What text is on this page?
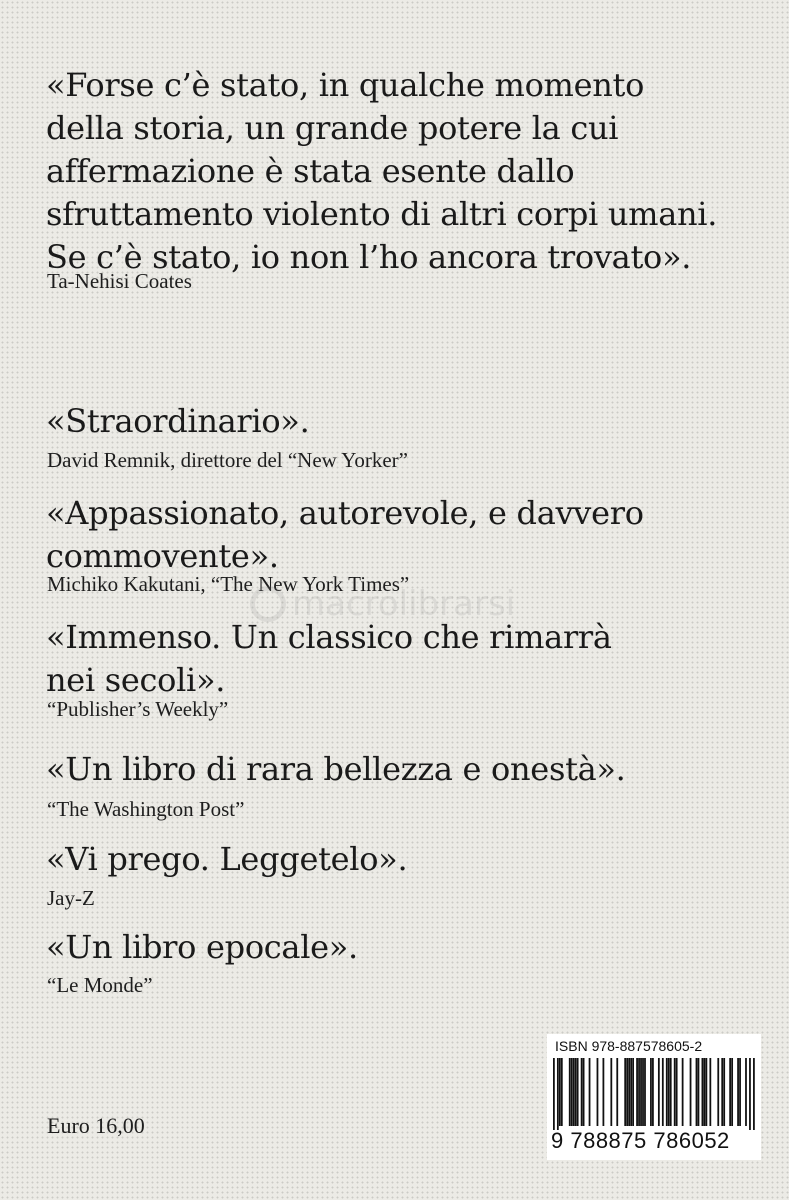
«Forse c’è stato, in qualche momento

della storia, un grande potere la cui

affermazione è stata esente dallo

sfruttamento violento di altri corpi umani.

Se c’è stato, io non l’ho ancora trovato».

Ta-Nehisi Coates

«Straordinario».

David Remnik, direttore del “New Yorker”

«Appassionato, autorevole, e davvero

commovente».

Michiko Kakutani, “The New York Times”

«Immenso. Un classico che rimarrà

nei secoli».

“Publisher’s Weekly”

«Un libro di rara bellezza e onestà».

“The Washington Post”

«Vi prego. Leggetelo».

Jay-Z

«Un libro epocale».

“Le Monde”

macrolibrarsi
ISBN 978-887578605-2
9 788875 786052
Euro 16,00
